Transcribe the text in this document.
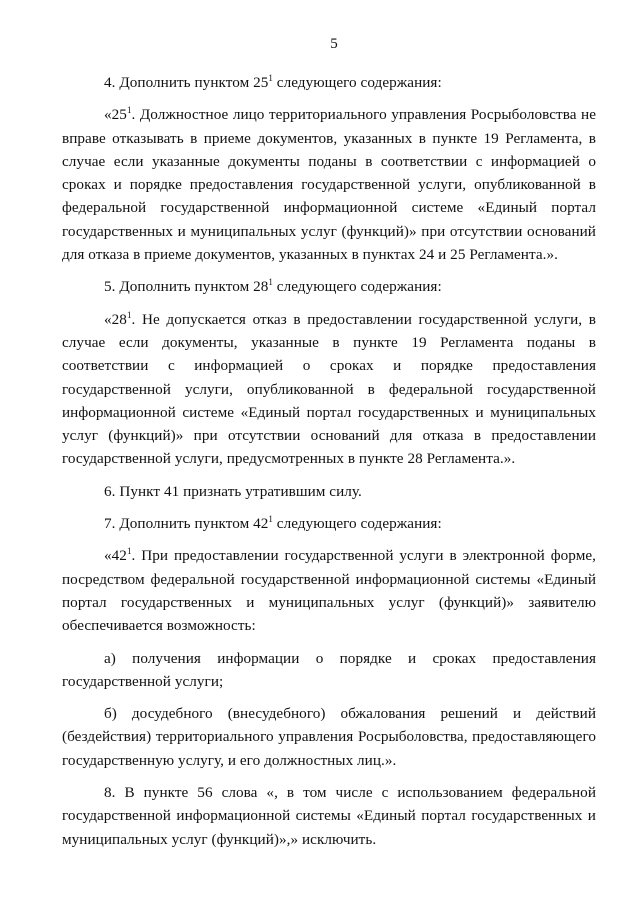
5

4. Дополнить пунктом $25^1$ следующего содержания:

«$25^1$. Должностное лицо территориального управления Росрыболовства не вправе отказывать в приеме документов, указанных в пункте 19 Регламента, в случае если указанные документы поданы в соответствии с информацией о сроках и порядке предоставления государственной услуги, опубликованной в федеральной государственной информационной системе «Единый портал государственных и муниципальных услуг (функций)» при отсутствии оснований для отказа в приеме документов, указанных в пунктах 24 и 25 Регламента.».

5. Дополнить пунктом $28^1$ следующего содержания:

«$28^1$. Не допускается отказ в предоставлении государственной услуги, в случае если документы, указанные в пункте 19 Регламента поданы в соответствии с информацией о сроках и порядке предоставления государственной услуги, опубликованной в федеральной государственной информационной системе «Единый портал государственных и муниципальных услуг (функций)» при отсутствии оснований для отказа в предоставлении государственной услуги, предусмотренных в пункте 28 Регламента.».

6. Пункт 41 признать утратившим силу.

7. Дополнить пунктом $42^1$ следующего содержания:

«$42^1$. При предоставлении государственной услуги в электронной форме, посредством федеральной государственной информационной системы «Единый портал государственных и муниципальных услуг (функций)» заявителю обеспечивается возможность:

а) получения информации о порядке и сроках предоставления государственной услуги;

б) досудебного (внесудебного) обжалования решений и действий (бездействия) территориального управления Росрыболовства, предоставляющего государственную услугу, и его должностных лиц.».

8. В пункте 56 слова «, в том числе с использованием федеральной государственной информационной системы «Единый портал государственных и муниципальных услуг (функций)»,» исключить.
